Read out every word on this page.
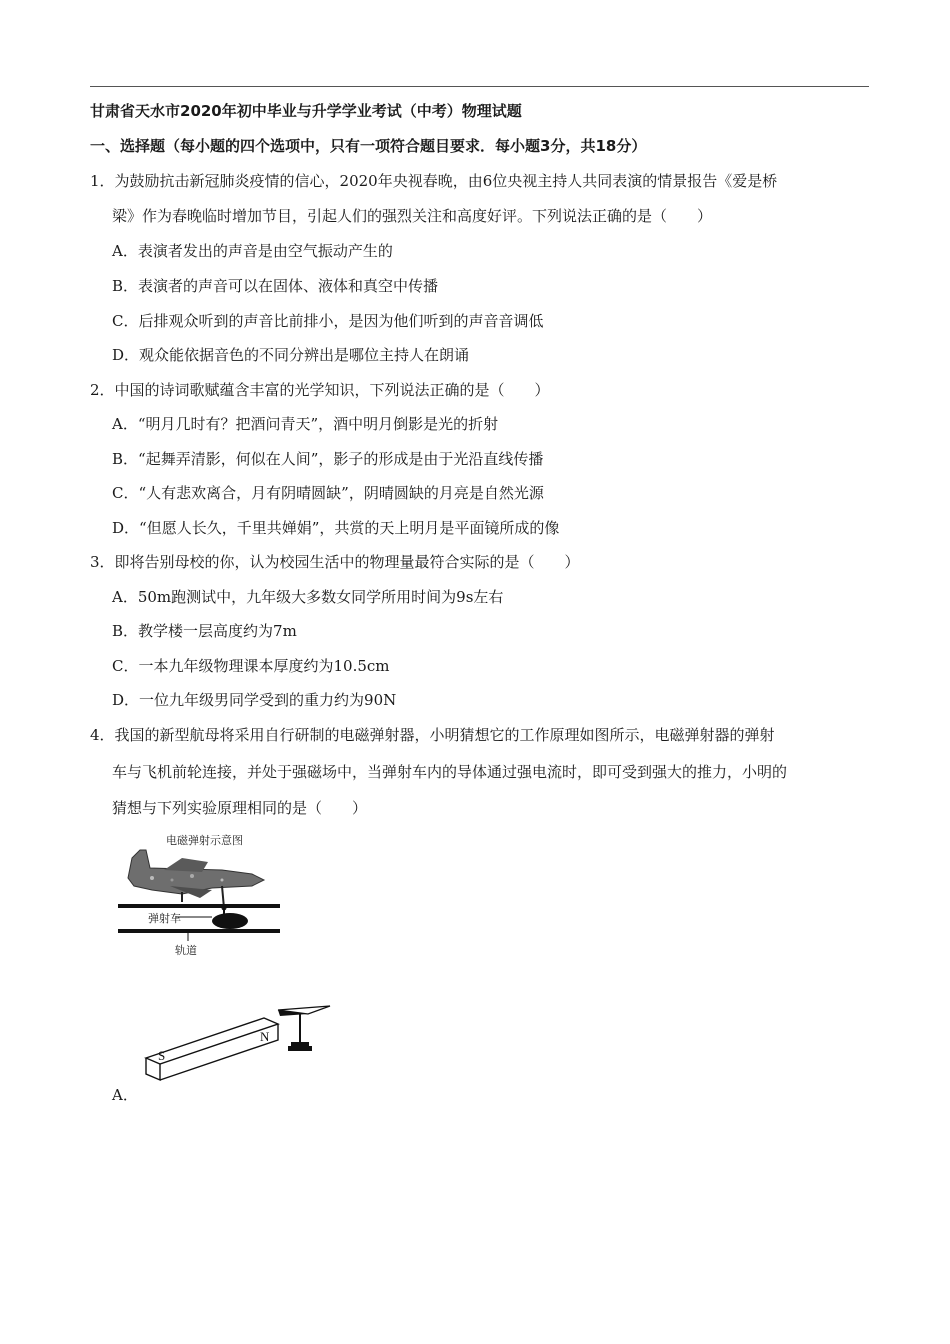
甘肃省天水市2020年初中毕业与升学学业考试（中考）物理试题
一、选择题（每小题的四个选项中，只有一项符合题目要求．每小题3分，共18分）
1．为鼓励抗击新冠肺炎疫情的信心，2020年央视春晚，由6位央视主持人共同表演的情景报告《爱是桥
梁》作为春晚临时增加节目，引起人们的强烈关注和高度好评。下列说法正确的是（　　）
A．表演者发出的声音是由空气振动产生的
B．表演者的声音可以在固体、液体和真空中传播
C．后排观众听到的声音比前排小，是因为他们听到的声音音调低
D．观众能依据音色的不同分辨出是哪位主持人在朗诵
2．中国的诗词歌赋蕴含丰富的光学知识，下列说法正确的是（　　）
A．“明月几时有？把酒问青天”，酒中明月倒影是光的折射
B．“起舞弄清影，何似在人间”，影子的形成是由于光沿直线传播
C．“人有悲欢离合，月有阴晴圆缺”，阴晴圆缺的月亮是自然光源
D．“但愿人长久，千里共婵娟”，共赏的天上明月是平面镜所成的像
3．即将告别母校的你，认为校园生活中的物理量最符合实际的是（　　）
A．50m跑测试中，九年级大多数女同学所用时间为9s左右
B．教学楼一层高度约为7m
C．一本九年级物理课本厚度约为10.5cm
D．一位九年级男同学受到的重力约为90N
4．我国的新型航母将采用自行研制的电磁弹射器，小明猜想它的工作原理如图所示，电磁弹射器的弹射
车与飞机前轮连接，并处于强磁场中，当弹射车内的导体通过强电流时，即可受到强大的推力，小明的
猜想与下列实验原理相同的是（　　）
电磁弹射示意图
弹射车
轨道
S
N
A．
